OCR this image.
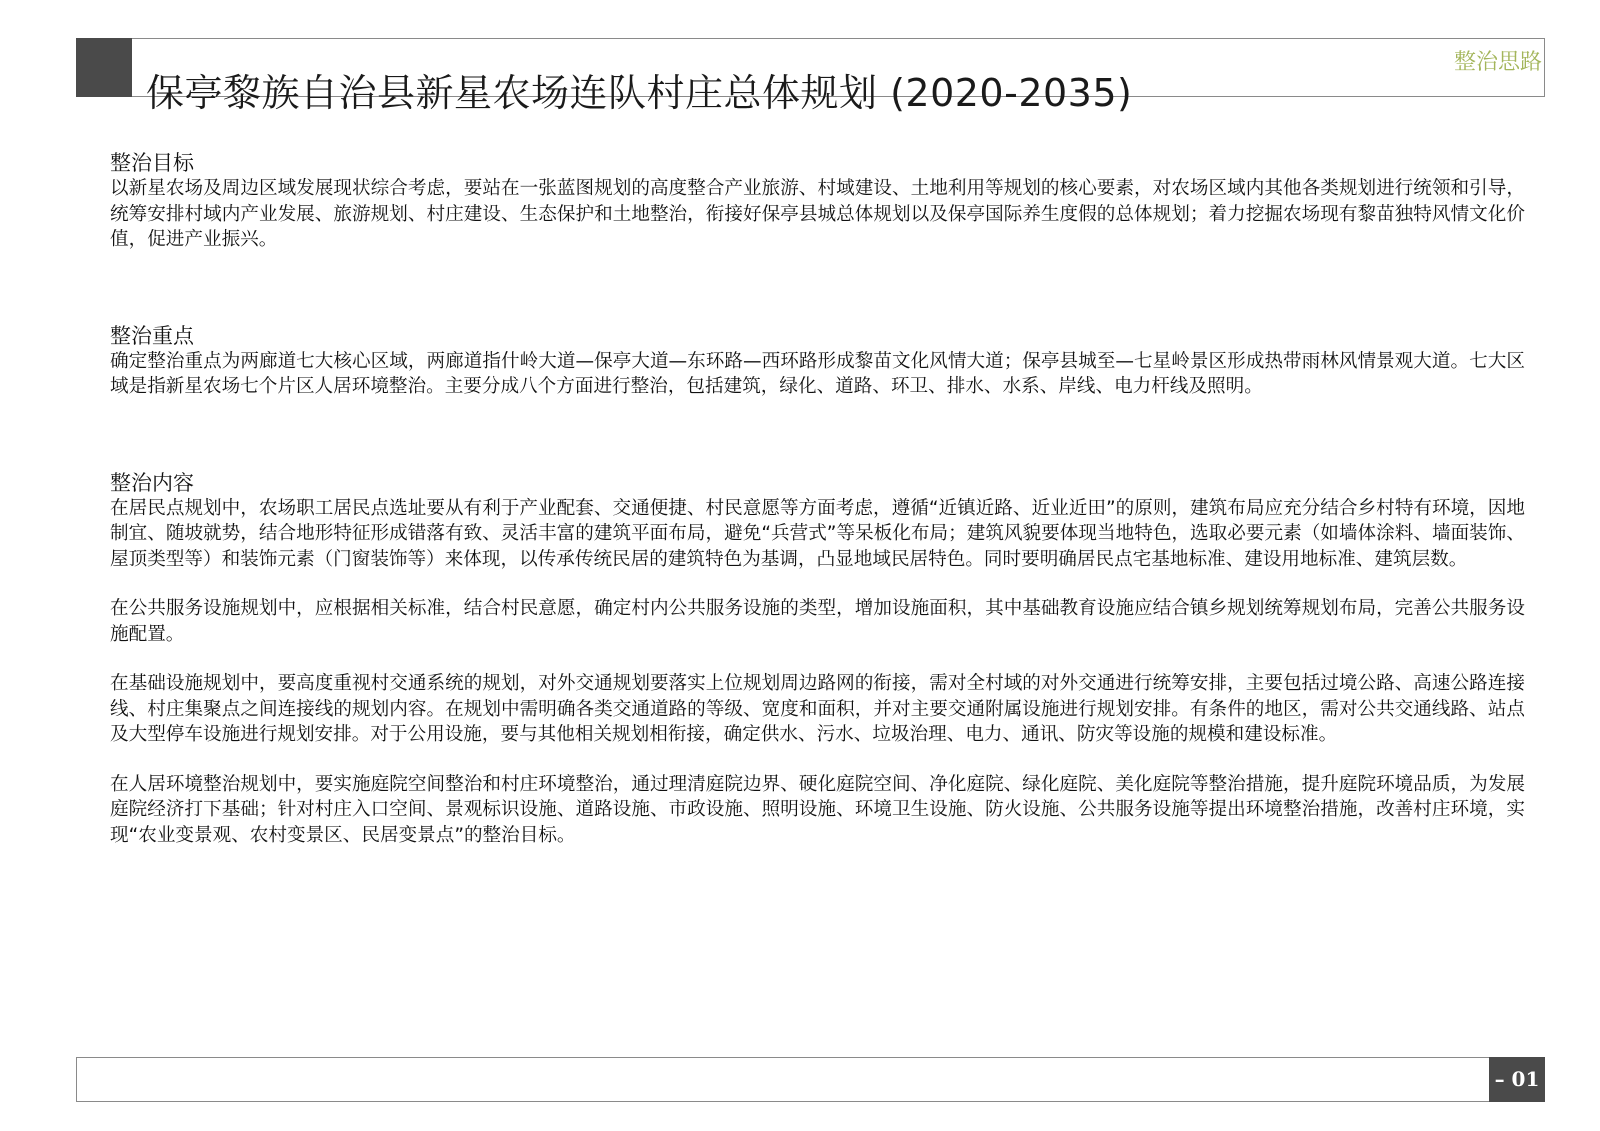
保亭黎族自治县新星农场连队村庄总体规划 (2020-2035)
整治思路
整治目标

以新星农场及周边区域发展现状综合考虑，要站在一张蓝图规划的高度整合产业旅游、村域建设、土地利用等规划的核心要素，对农场区域内其他各类规划进行统领和引导，统筹安排村域内产业发展、旅游规划、村庄建设、生态保护和土地整治，衔接好保亭县城总体规划以及保亭国际养生度假的总体规划；着力挖掘农场现有黎苗独特风情文化价值，促进产业振兴。

整治重点

确定整治重点为两廊道七大核心区域，两廊道指什岭大道—保亭大道—东环路—西环路形成黎苗文化风情大道；保亭县城至—七星岭景区形成热带雨林风情景观大道。七大区域是指新星农场七个片区人居环境整治。主要分成八个方面进行整治，包括建筑，绿化、道路、环卫、排水、水系、岸线、电力杆线及照明。

整治内容

在居民点规划中，农场职工居民点选址要从有利于产业配套、交通便捷、村民意愿等方面考虑，遵循“近镇近路、近业近田”的原则，建筑布局应充分结合乡村特有环境，因地制宜、随坡就势，结合地形特征形成错落有致、灵活丰富的建筑平面布局，避免“兵营式”等呆板化布局；建筑风貌要体现当地特色，选取必要元素（如墙体涂料、墙面装饰、屋顶类型等）和装饰元素（门窗装饰等）来体现，以传承传统民居的建筑特色为基调，凸显地域民居特色。同时要明确居民点宅基地标准、建设用地标准、建筑层数。

在公共服务设施规划中，应根据相关标准，结合村民意愿，确定村内公共服务设施的类型，增加设施面积，其中基础教育设施应结合镇乡规划统筹规划布局，完善公共服务设施配置。

在基础设施规划中，要高度重视村交通系统的规划，对外交通规划要落实上位规划周边路网的衔接，需对全村域的对外交通进行统筹安排，主要包括过境公路、高速公路连接线、村庄集聚点之间连接线的规划内容。在规划中需明确各类交通道路的等级、宽度和面积，并对主要交通附属设施进行规划安排。有条件的地区，需对公共交通线路、站点及大型停车设施进行规划安排。对于公用设施，要与其他相关规划相衔接，确定供水、污水、垃圾治理、电力、通讯、防灾等设施的规模和建设标准。

在人居环境整治规划中，要实施庭院空间整治和村庄环境整治，通过理清庭院边界、硬化庭院空间、净化庭院、绿化庭院、美化庭院等整治措施，提升庭院环境品质，为发展庭院经济打下基础；针对村庄入口空间、景观标识设施、道路设施、市政设施、照明设施、环境卫生设施、防火设施、公共服务设施等提出环境整治措施，改善村庄环境，实现“农业变景观、农村变景区、民居变景点”的整治目标。

– 01
